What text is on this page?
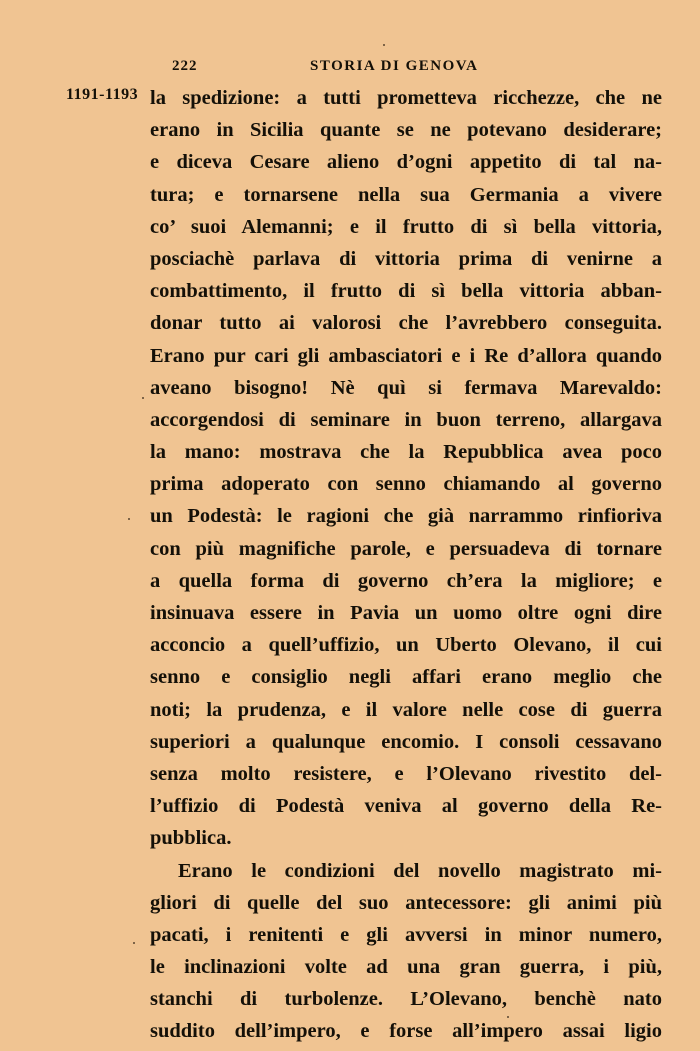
222	STORIA DI GENOVA
1191-1193 la spedizione: a tutti prometteva ricchezze, che ne
erano in Sicilia quante se ne potevano desiderare;
e diceva Cesare alieno d’ogni appetito di tal na-
tura; e tornarsene nella sua Germania a vivere
co’ suoi Alemanni; e il frutto di sì bella vittoria,
posciachè parlava di vittoria prima di venirne a
combattimento, il frutto di sì bella vittoria abban-
donar tutto ai valorosi che l’avrebbero conseguita.
Erano pur cari gli ambasciatori e i Re d’allora quando
aveano bisogno! Nè quì si fermava Marevaldo:
accorgendosi di seminare in buon terreno, allargava
la mano: mostrava che la Repubblica avea poco
prima adoperato con senno chiamando al governo
un Podestà: le ragioni che già narrammo rinfioriva
con più magnifiche parole, e persuadeva di tornare
a quella forma di governo ch’era la migliore; e
insinuava essere in Pavia un uomo oltre ogni dire
acconcio a quell’uffizio, un Uberto Olevano, il cui
senno e consiglio negli affari erano meglio che
noti; la prudenza, e il valore nelle cose di guerra
superiori a qualunque encomio. I consoli cessavano
senza molto resistere, e l’Olevano rivestito del-
l’uffizio di Podestà veniva al governo della Re-
pubblica.
Erano le condizioni del novello magistrato mi-
gliori di quelle del suo antecessore: gli animi più
pacati, i renitenti e gli avversi in minor numero,
le inclinazioni volte ad una gran guerra, i più,
stanchi di turbolenze. L’Olevano, benchè nato
suddito dell’impero, e forse all’impero assai ligio
